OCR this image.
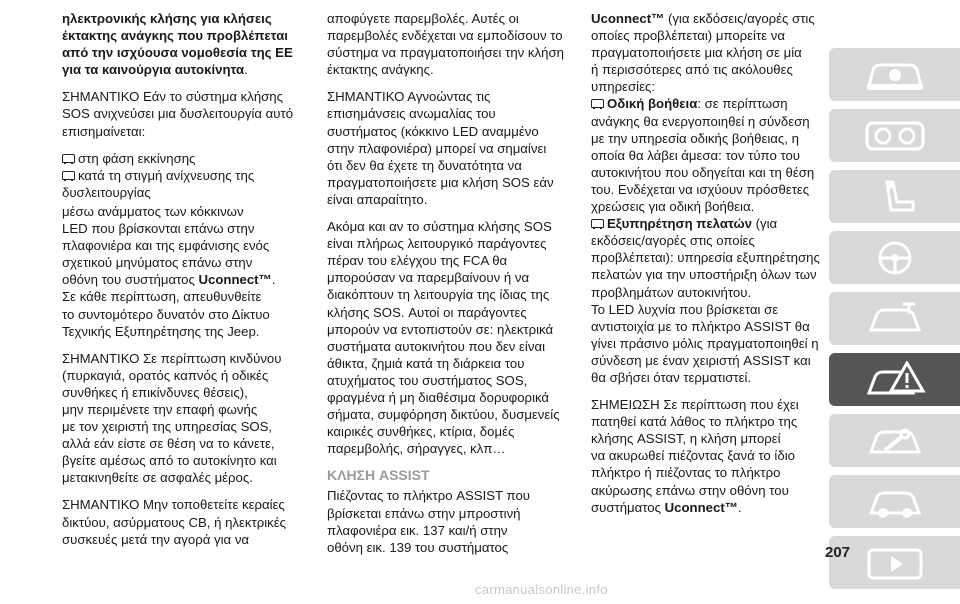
ηλεκτρονικής κλήσης για κλήσεις
έκτακτης ανάγκης που προβλέπεται
από την ισχύουσα νομοθεσία της ΕΕ
για τα καινούργια αυτοκίνητα.

ΣΗΜΑΝΤΙΚΟ Εάν το σύστημα κλήσης
SOS ανιχνεύσει μια δυσλειτουργία αυτό
επισημαίνεται:

στη φάση εκκίνησης
κατά τη στιγμή ανίχνευσης της
δυσλειτουργίας

μέσω ανάμματος των κόκκινων
LED που βρίσκονται επάνω στην
πλαφονιέρα και της εμφάνισης ενός
σχετικού μηνύματος επάνω στην
οθόνη του συστήματος Uconnect™.

Σε κάθε περίπτωση, απευθυνθείτε
το συντομότερο δυνατόν στο Δίκτυο
Τεχνικής Εξυπηρέτησης της Jeep.

ΣΗΜΑΝΤΙΚΟ Σε περίπτωση κινδύνου
(πυρκαγιά, ορατός καπνός ή οδικές
συνθήκες ή επικίνδυνες θέσεις),
μην περιμένετε την επαφή φωνής
με τον χειριστή της υπηρεσίας SOS,
αλλά εάν είστε σε θέση να το κάνετε,
βγείτε αμέσως από το αυτοκίνητο και
μετακινηθείτε σε ασφαλές μέρος.

ΣΗΜΑΝΤΙΚΟ Μην τοποθετείτε κεραίες
δικτύου, ασύρματους CB, ή ηλεκτρικές
συσκευές μετά την αγορά για να

αποφύγετε παρεμβολές. Αυτές οι
παρεμβολές ενδέχεται να εμποδίσουν το
σύστημα να πραγματοποιήσει την κλήση
έκτακτης ανάγκης.

ΣΗΜΑΝΤΙΚΟ Αγνοώντας τις
επισημάνσεις ανωμαλίας του
συστήματος (κόκκινο LED αναμμένο
στην πλαφονιέρα) μπορεί να σημαίνει
ότι δεν θα έχετε τη δυνατότητα να
πραγματοποιήσετε μια κλήση SOS εάν
είναι απαραίτητο.

Ακόμα και αν το σύστημα κλήσης SOS
είναι πλήρως λειτουργικό παράγοντες
πέραν του ελέγχου της FCA θα
μπορούσαν να παρεμβαίνουν ή να
διακόπτουν τη λειτουργία της ίδιας της
κλήσης SOS. Αυτοί οι παράγοντες
μπορούν να εντοπιστούν σε: ηλεκτρικά
συστήματα αυτοκινήτου που δεν είναι
άθικτα, ζημιά κατά τη διάρκεια του
ατυχήματος του συστήματος SOS,
φραγμένα ή μη διαθέσιμα δορυφορικά
σήματα, συμφόρηση δικτύου, δυσμενείς
καιρικές συνθήκες, κτίρια, δομές
παρεμβολής, σήραγγες, κλπ…

ΚΛΗΣΗ ASSIST

Πιέζοντας το πλήκτρο ASSIST που
βρίσκεται επάνω στην μπροστινή
πλαφονιέρα εικ. 137 και/ή στην
οθόνη εικ. 139 του συστήματος

Uconnect™ (για εκδόσεις/αγορές στις
οποίες προβλέπεται) μπορείτε να
πραγματοποιήσετε μια κλήση σε μία
ή περισσότερες από τις ακόλουθες
υπηρεσίες:

Οδική βοήθεια: σε περίπτωση
ανάγκης θα ενεργοποιηθεί η σύνδεση
με την υπηρεσία οδικής βοήθειας, η
οποία θα λάβει άμεσα: τον τύπο του
αυτοκινήτου που οδηγείται και τη θέση
του. Ενδέχεται να ισχύουν πρόσθετες
χρεώσεις για οδική βοήθεια.

Εξυπηρέτηση πελατών (για
εκδόσεις/αγορές στις οποίες
προβλέπεται): υπηρεσία εξυπηρέτησης
πελατών για την υποστήριξη όλων των
προβλημάτων αυτοκινήτου.

Το LED λυχνία που βρίσκεται σε
αντιστοιχία με το πλήκτρο ASSIST θα
γίνει πράσινο μόλις πραγματοποιηθεί η
σύνδεση με έναν χειριστή ASSIST και
θα σβήσει όταν τερματιστεί.

ΣΗΜΕΙΩΣΗ Σε περίπτωση που έχει
πατηθεί κατά λάθος το πλήκτρο της
κλήσης ASSIST, η κλήση μπορεί
να ακυρωθεί πιέζοντας ξανά το ίδιο
πλήκτρο ή πιέζοντας το πλήκτρο
ακύρωσης επάνω στην οθόνη του
συστήματος Uconnect™.

207
carmanualsonline.info
